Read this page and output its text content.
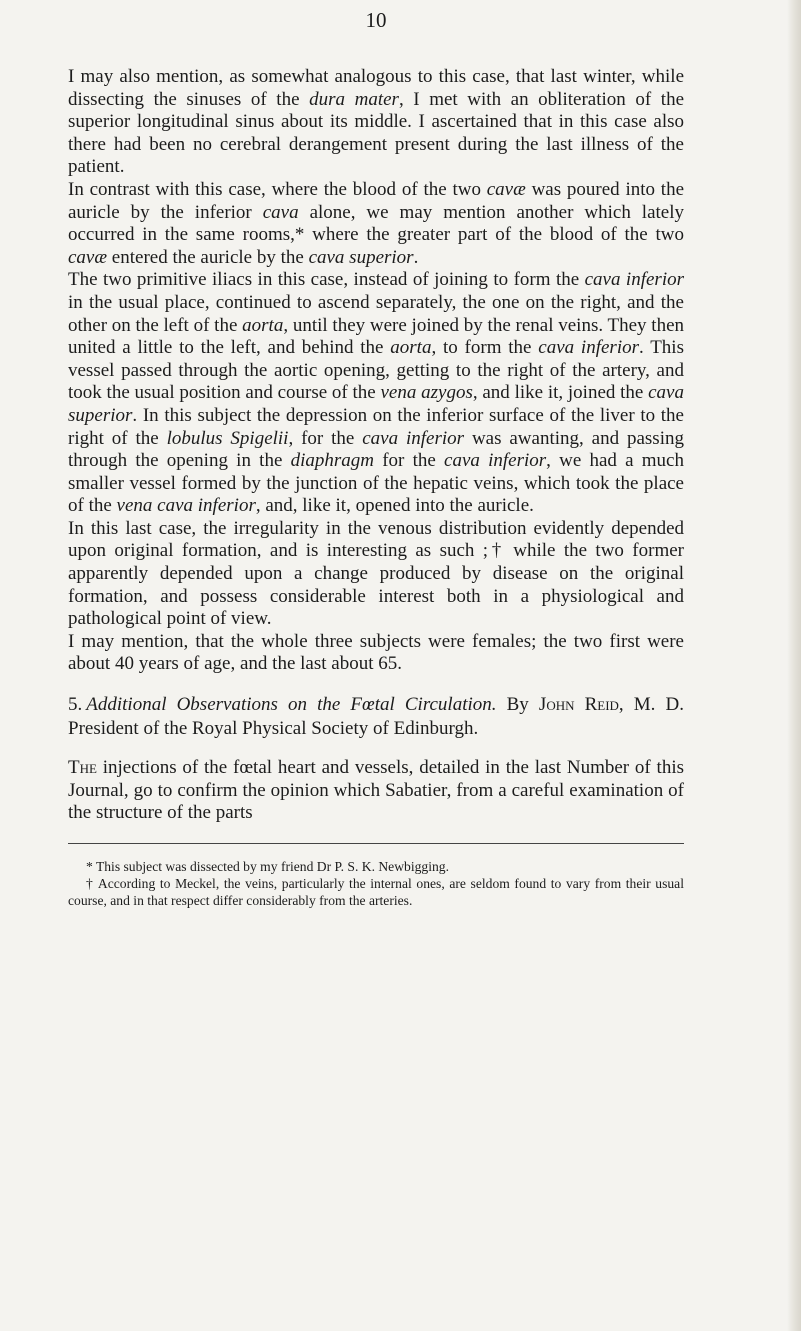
10

I may also mention, as somewhat analogous to this case, that last winter, while dissecting the sinuses of the dura mater, I met with an obliteration of the superior longitudinal sinus about its middle. I ascertained that in this case also there had been no cerebral derangement present during the last illness of the patient.

In contrast with this case, where the blood of the two cavæ was poured into the auricle by the inferior cava alone, we may mention another which lately occurred in the same rooms,* where the greater part of the blood of the two cavæ entered the auricle by the cava superior.

The two primitive iliacs in this case, instead of joining to form the cava inferior in the usual place, continued to ascend separately, the one on the right, and the other on the left of the aorta, until they were joined by the renal veins. They then united a little to the left, and behind the aorta, to form the cava inferior. This vessel passed through the aortic opening, getting to the right of the artery, and took the usual position and course of the vena azygos, and like it, joined the cava superior. In this subject the depression on the inferior surface of the liver to the right of the lobulus Spigelii, for the cava inferior was awanting, and passing through the opening in the diaphragm for the cava inferior, we had a much smaller vessel formed by the junction of the hepatic veins, which took the place of the vena cava inferior, and, like it, opened into the auricle.

In this last case, the irregularity in the venous distribution evidently depended upon original formation, and is interesting as such ;† while the two former apparently depended upon a change produced by disease on the original formation, and possess considerable interest both in a physiological and pathological point of view.

I may mention, that the whole three subjects were females; the two first were about 40 years of age, and the last about 65.

5. Additional Observations on the Fœtal Circulation. By John Reid, M. D. President of the Royal Physical Society of Edinburgh.

The injections of the fœtal heart and vessels, detailed in the last Number of this Journal, go to confirm the opinion which Sabatier, from a careful examination of the structure of the parts

* This subject was dissected by my friend Dr P. S. K. Newbigging.

† According to Meckel, the veins, particularly the internal ones, are seldom found to vary from their usual course, and in that respect differ considerably from the arteries.
